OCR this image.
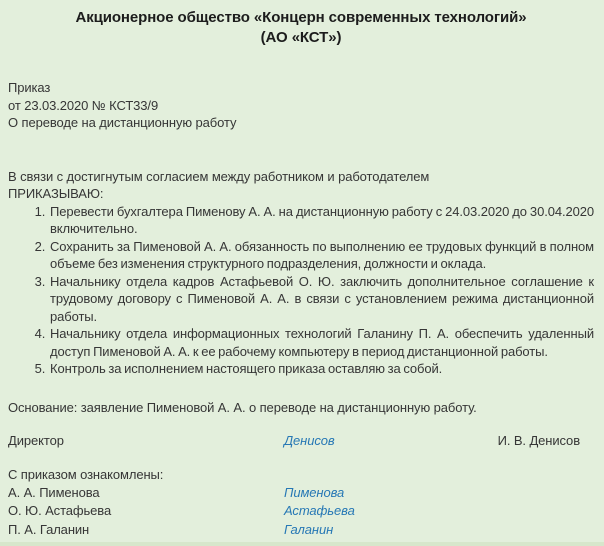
Акционерное общество «Концерн современных технологий»
(АО «КСТ»)
Приказ
от 23.03.2020 № КСТ33/9
О переводе на дистанционную работу
В связи с достигнутым согласием между работником и работодателем
ПРИКАЗЫВАЮ:
1. Перевести бухгалтера Пименову А. А. на дистанционную работу с 24.03.2020 до 30.04.2020 включительно.
2. Сохранить за Пименовой А. А. обязанность по выполнению ее трудовых функций в полном объеме без изменения структурного подразделения, должности и оклада.
3. Начальнику отдела кадров Астафьевой О. Ю. заключить дополнительное соглашение к трудовому договору с Пименовой А. А. в связи с установлением режима дистанционной работы.
4. Начальнику отдела информационных технологий Галанину П. А. обеспечить удаленный доступ Пименовой А. А. к ее рабочему компьютеру в период дистанционной работы.
5. Контроль за исполнением настоящего приказа оставляю за собой.
Основание: заявление Пименовой А. А. о переводе на дистанционную работу.
Директор	Денисов	И. В. Денисов
С приказом ознакомлены:
А. А. Пименова	Пименова
О. Ю. Астафьева	Астафьева
П. А. Галанин	Галанин
